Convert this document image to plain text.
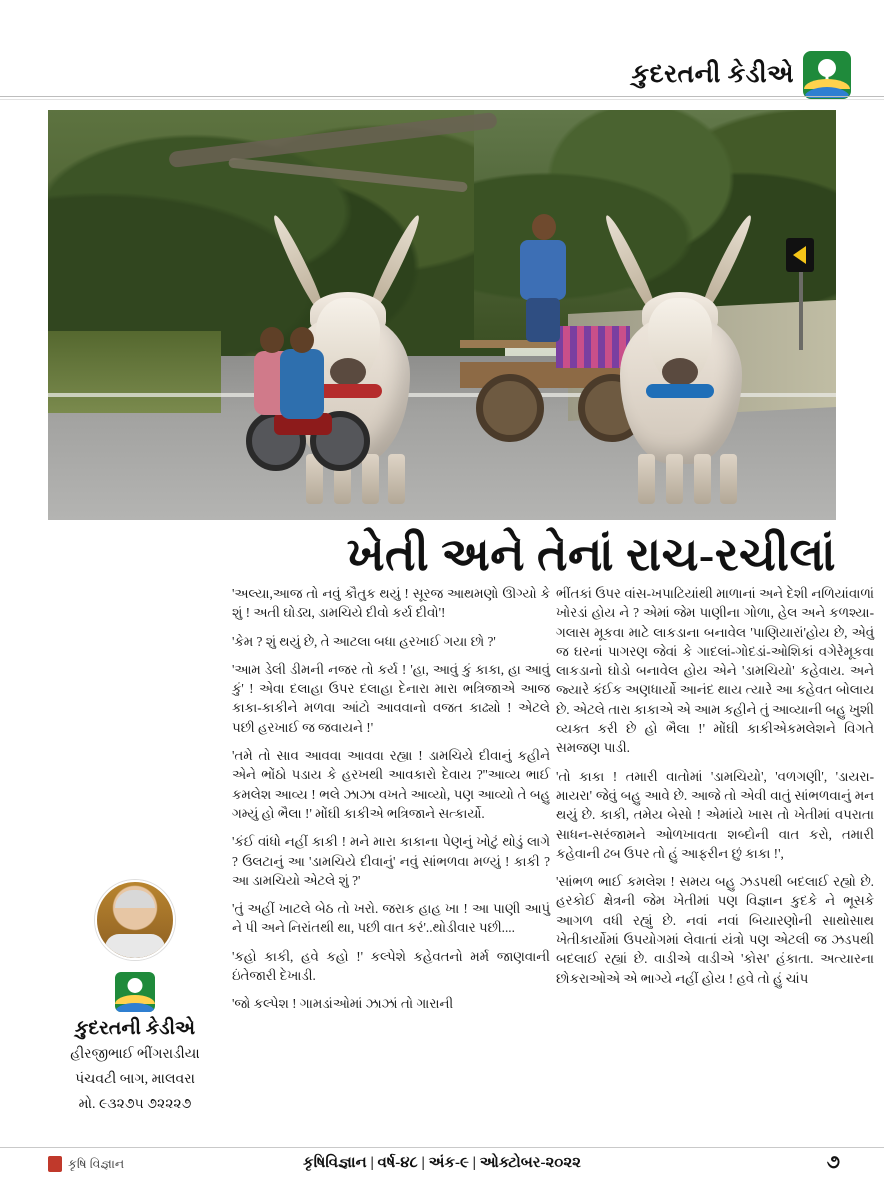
કુદરતની કેડીએ
ખેતી અને તેનાં રાચ-રચીલાં

'અલ્યા,આજ તો નવું કૌતુક થયું ! સૂરજ આથમણો ઊગ્યો કે શું ! અતી ઘોડ્ય, ડામચિયે દીવો કર્ય દીવો'!

'કેમ ? શું થયું છે, તે આટલા બધા હરખાઈ ગયા છો ?'

'આમ ડેલી ડીમની નજર તો કર્ય ! 'હા, આવું કું કાકા, હા આવું કું' ! એવા દલાહા ઉપર દલાહા દેનારા મારા ભત્રિજાએ આજ કાકા-કાકીને મળવા આંટો આવવાનો વજત કાઢ્યો ! એટલે પછી હરખાઈ જ જવાયને !'

'તમે તો સાવ આવવા આવવા રહ્યા ! ડામચિયે દીવાનું કહીને એને ભોંઠો પડાય કે હરખથી આવકારો દેવાય ?''આવ્ય ભાઈ કમલેશ આવ્ય ! ભલે ઝાઝા વખતે આવ્યો, પણ આવ્યો તે બહુ ગમ્યું હો ભૈલા !' મોંઘી કાકીએ ભત્રિજાને સત્કાર્યો.

'કંઈ વાંધો નહીં કાકી ! મને મારા કાકાના પેણનું ખોટું થોડું લાગે ? ઉલટાનું આ 'ડામચિયે દીવાનું' નવું સાંભળવા મળ્યું ! કાકી ? આ ડામચિયો એટલે શું ?'

'તું અહીં ખાટલે બેઠ તો ખરો. જરાક હાહ ખા ! આ પાણી આપું ને પી અને નિરાંતથી થા, પછી વાત કરં'..થોડીવાર પછી....

'કહો કાકી, હવે કહો !' કલ્પેશે કહેવતનો મર્મ જાણવાની ઇંતેજારી દેખાડી.

'જો કલ્પેશ ! ગામડાંઓમાં ઝાઝાં તો ગારાની

ભીંતકાં ઉપર વાંસ-ખપાટિયાંથી માળાનાં અને દેશી નળિયાંવાળાં ખોરડાં હોય ને ? એમાં જેમ પાણીના ગોળા, હેલ અને કળશ્યા-ગલાસ મૂકવા માટે લાકડાના બનાવેલ 'પાણિયારાં'હોય છે, એવું જ ઘરનાં પાગરણ જેવાં કે ગાદલાં-ગોદડાં-ઓશિકાં વગેરેમૂકવા લાકડાનો ઘોડો બનાવેલ હોય એને 'ડામચિયો' કહેવાય. અને જ્યારે કંઈક અણધાર્યો આનંદ થાય ત્યારે આ કહેવત બોલાય છે. એટલે તારા કાકાએ એ આમ કહીને તું આવ્યાની બહુ ખુશી વ્યક્ત કરી છે હો ભૈલા !' મોંઘી કાકીએકમલેશને વિગતે સમજણ પાડી.

'તો કાકા ! તમારી વાતોમાં 'ડામચિયો', 'વળગણી', 'ડાયરા-માયરા' જેવું બહુ આવે છે. આજે તો એવી વાતું સાંભળવાનું મન થયું છે. કાકી, તમેય બેસો ! એમાંયે ખાસ તો ખેતીમાં વપરાતા સાધન-સરંજામને ઓળખાવતા શબ્દોની વાત કરો, તમારી કહેવાની ઢબ ઉપર તો હું આફરીન છું કાકા !',

'સાંભળ ભાઈ કમલેશ ! સમય બહુ ઝડપથી બદલાઈ રહ્યો છે. હરકોઈ ક્ષેત્રની જેમ ખેતીમાં પણ વિજ્ઞાન કુદકે ને ભૂસકે આગળ વધી રહ્યું છે. નવાં નવાં બિયારણોની સાથોસાથ ખેતીકાર્યોમાં ઉપયોગમાં લેવાતાં યંત્રો પણ એટલી જ ઝડપથી બદલાઈ રહ્યાં છે. વાડીએ વાડીએ 'કોસ' હંકાતા. અત્યારના છોકરાઓએ એ ભાગ્યે નહીં હોય ! હવે તો હું ચાંપ

કુદરતની કેડીએ
હીરજીભાઈ ભીંગરાડીયા
પંચવટી બાગ, માલવરા
મો. ૯૩૨૭૫ ૭૨૨૨૭
કૃષિ વિજ્ઞાન	કૃષિવિજ્ઞાન | વર્ષ-૪૮ | અંક-૯ | ઓક્ટોબર-૨૦૨૨	૭
